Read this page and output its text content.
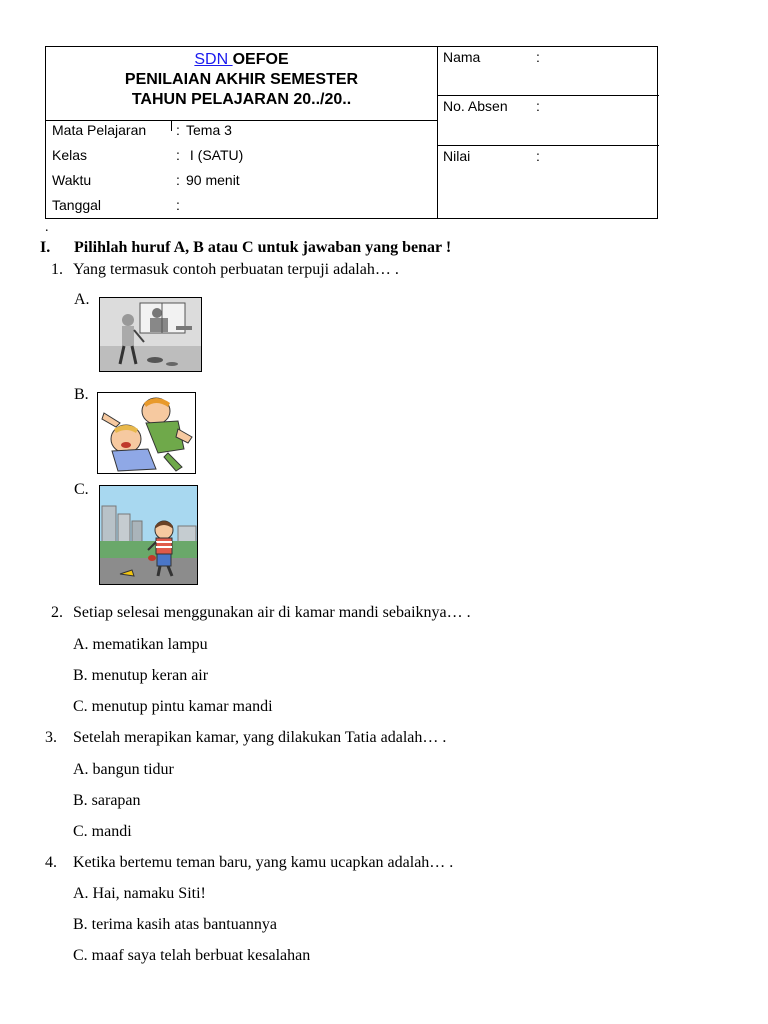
SDN OEFOE
PENILAIAN AKHIR SEMESTER
TAHUN PELAJARAN 20../20..
Mata Pelajaran : Tema 3
Kelas	: I (SATU)
Waktu	: 90 menit
Tanggal	:
Nama	:
No. Absen :
Nilai	:
.
I. Pilihlah huruf A, B atau C untuk jawaban yang benar !
1. Yang termasuk contoh perbuatan terpuji adalah… .
A.
B.
C.
2. Setiap selesai menggunakan air di kamar mandi sebaiknya… .
A. mematikan lampu
B. menutup keran air
C. menutup pintu kamar mandi
3. Setelah merapikan kamar, yang dilakukan Tatia adalah… .
A. bangun tidur
B. sarapan
C. mandi
4. Ketika bertemu teman baru, yang kamu ucapkan adalah… .
A. Hai, namaku Siti!
B. terima kasih atas bantuannya
C. maaf saya telah berbuat kesalahan
